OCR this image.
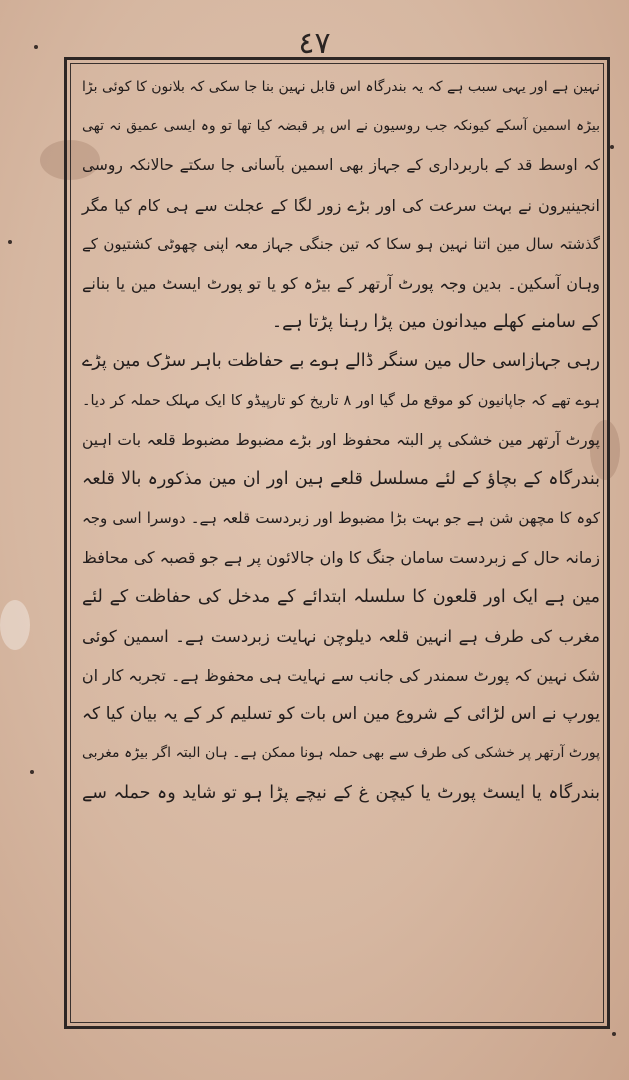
٤٧
نہین ہے اور یہی سبب ہے کہ یہ بندرگاہ اس قابل نہین بنا جا سکی کہ بلانون کا کوئی بڑا
بیڑہ اسمین آسکے کیونکہ جب روسیون نے اس پر قبضہ کیا تھا تو وہ ایسی عمیق نہ تھی
کہ اوسط قد کے باربرداری کے جہاز بھی اسمین بآسانی جا سکتے حالانکہ روسی
انجینیرون نے بہت سرعت کی اور بڑے زور لگا کے عجلت سے ہی کام کیا مگر
گذشتہ سال مین اتنا نہین ہو سکا کہ تین جنگی جہاز معہ اپنی چھوٹی کشتیون کے
وہان آسکین۔ بدین وجہ پورٹ آرتھر کے بیڑہ کو یا تو پورٹ ایسٹ مین یا بنانے
کے سامنے کھلے میدانون مین پڑا رہنا پڑتا ہے۔
رہی جہازاسی حال مین سنگر ڈالے ہوے بے حفاظت باہر سڑک مین پڑے
ہوے تھے کہ جاپانیون کو موقع مل گیا اور ۸ تاریخ کو تارپیڈو کا ایک مہلک حملہ کر دیا۔
پورٹ آرتھر مین خشکی پر البتہ محفوظ اور بڑے مضبوط مضبوط قلعہ بات اہین
بندرگاہ کے بچاؤ کے لئے مسلسل قلعے ہین اور ان مین مذکورہ بالا قلعہ
کوہ کا مچھن شن ہے جو بہت بڑا مضبوط اور زبردست قلعہ ہے۔ دوسرا اسی وجہ
زمانہ حال کے زبردست سامان جنگ کا وان جالائون پر ہے جو قصبہ کی محافظ
مین ہے ایک اور قلعون کا سلسلہ ابتدائے کے مدخل کی حفاظت کے لئے
مغرب کی طرف ہے انہین قلعہ دیلوچن نہایت زبردست ہے۔ اسمین کوئی
شک نہین کہ پورٹ سمندر کی جانب سے نہایت ہی محفوظ ہے۔ تجربہ کار ان
یورپ نے اس لڑائی کے شروع مین اس بات کو تسلیم کر کے یہ بیان کیا کہ
پورٹ آرتھر پر خشکی کی طرف سے بھی حملہ ہونا ممکن ہے۔ ہان البتہ اگر بیڑہ مغربی
بندرگاہ یا ایسٹ پورٹ یا کیچن غ کے نیچے پڑا ہو تو شاید وہ حملہ سے
